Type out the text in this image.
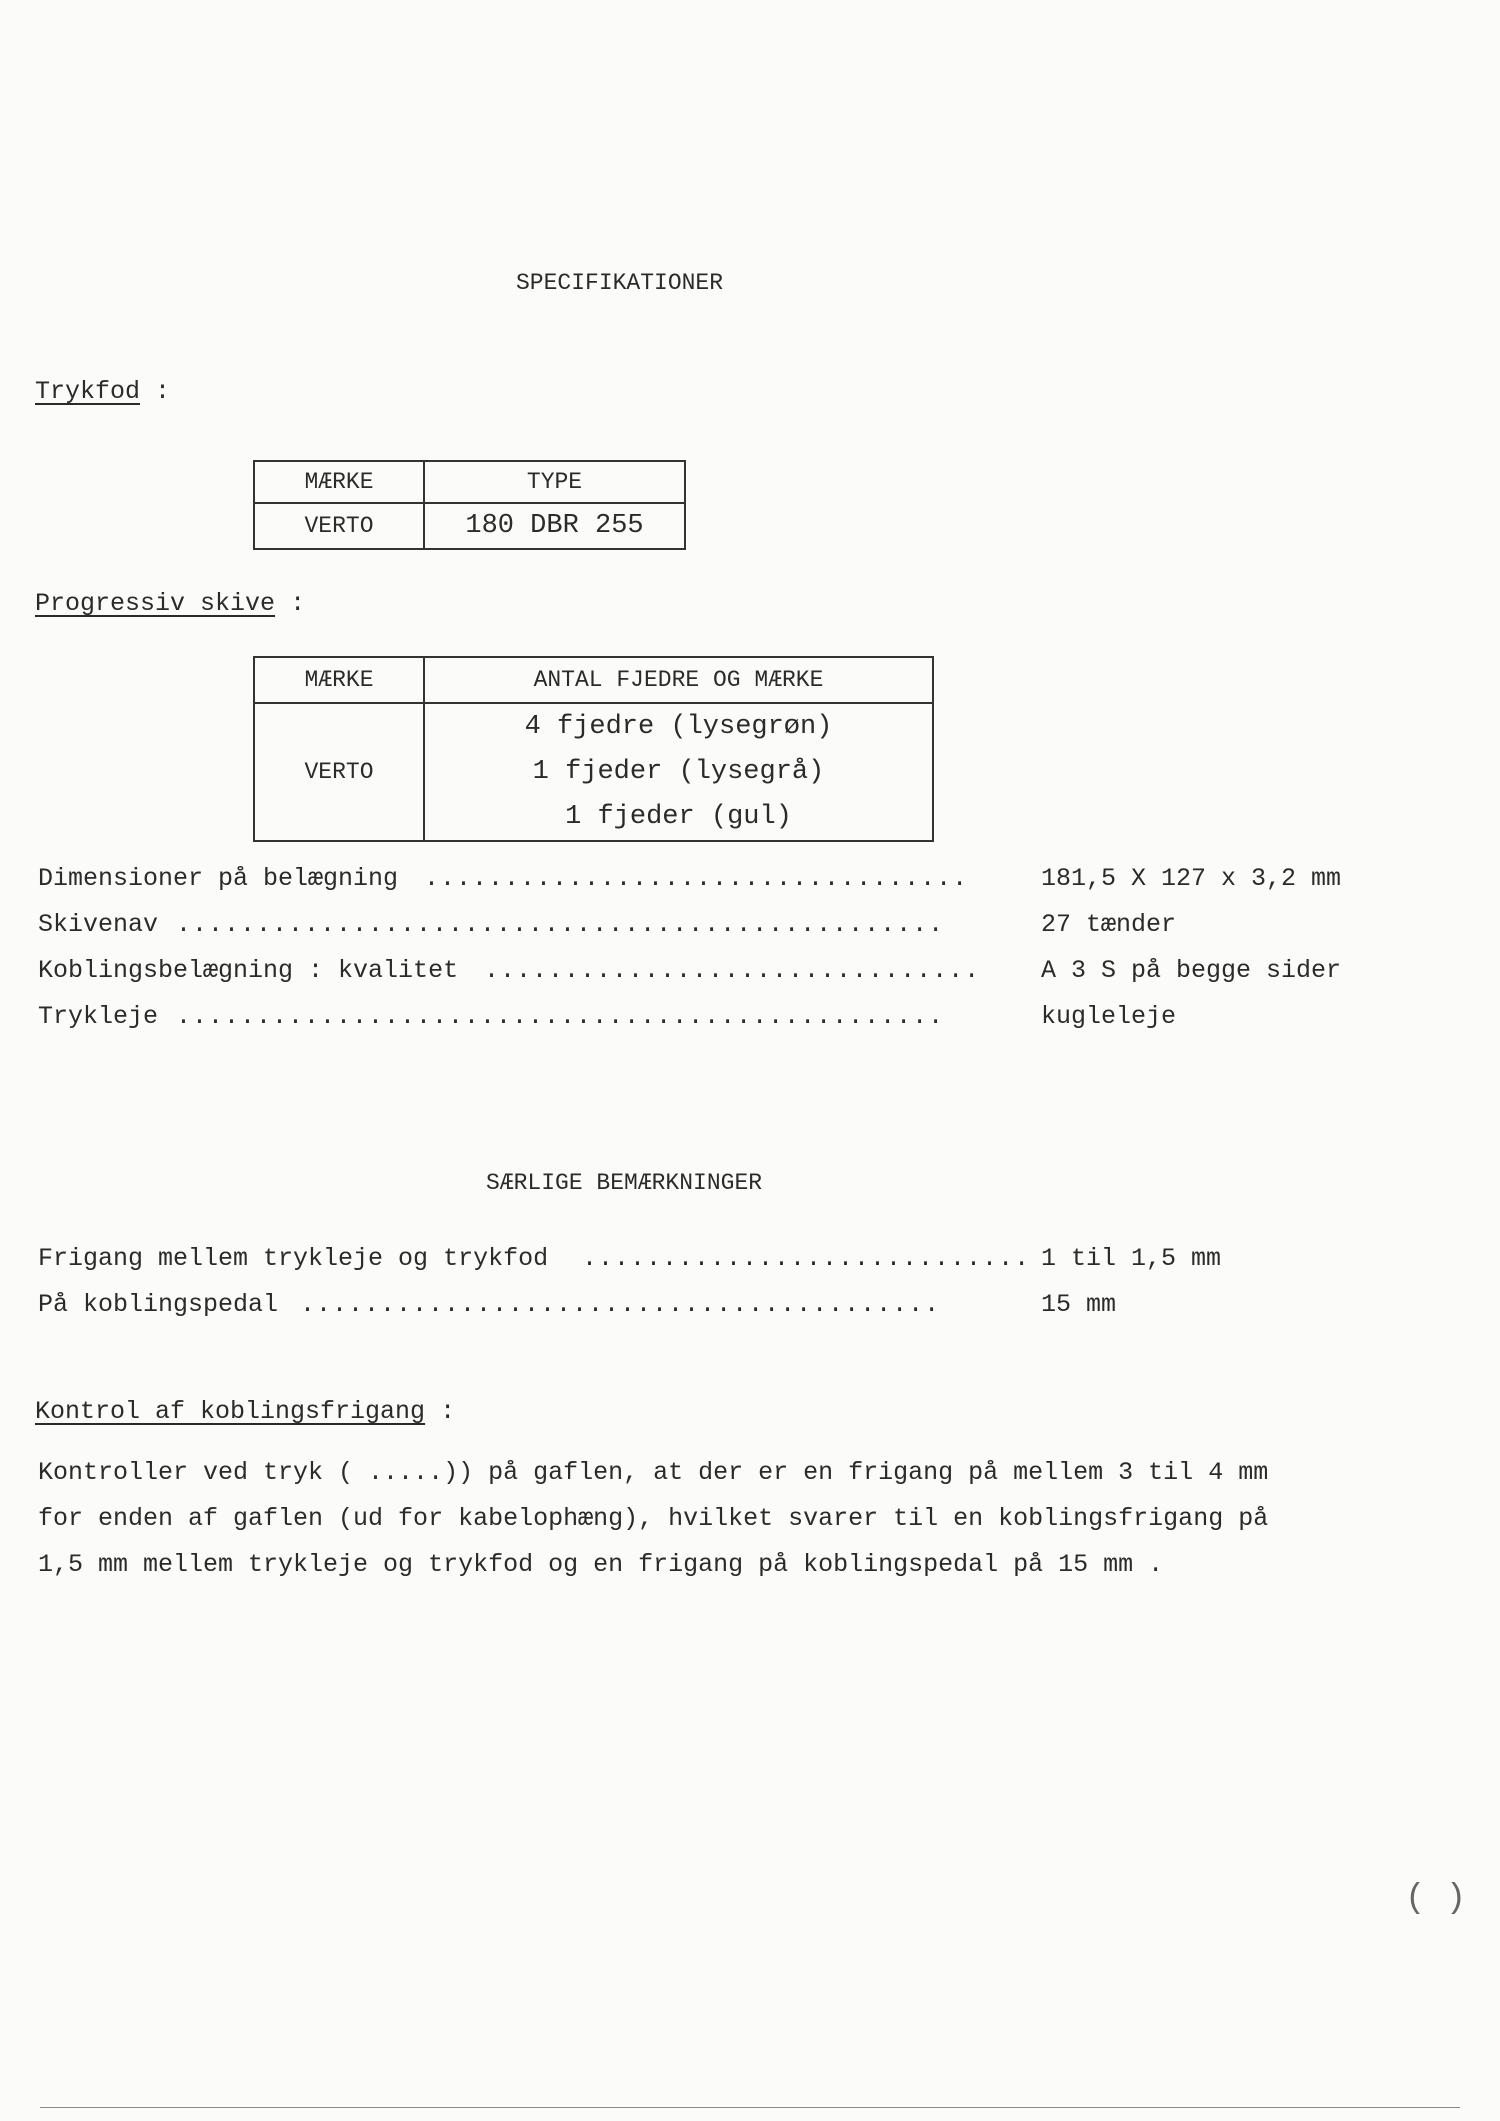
SPECIFIKATIONER
Trykfod :
MÆRKE	TYPE
VERTO	180 DBR 255
Progressiv skive :
MÆRKE	ANTAL FJEDRE OG MÆRKE
VERTO	4 fjedre (lysegrøn)
1 fjeder (lysegrå)
1 fjeder (gul)
Dimensioner på belægning ..................................	181,5 X 127 x 3,2 mm
Skivenav ................................................	27 tænder
Koblingsbelægning : kvalitet ...............................	A 3 S på begge sider
Trykleje ................................................	kugleleje
SÆRLIGE BEMÆRKNINGER
Frigang mellem trykleje og trykfod ............................ 1 til 1,5 mm
På koblingspedal ........................................	15 mm
Kontrol af koblingsfrigang :
Kontroller ved tryk ( .....)) på gaflen, at der er en frigang på mellem 3 til 4 mm
for enden af gaflen (ud for kabelophæng), hvilket svarer til en koblingsfrigang på
1,5 mm mellem trykleje og trykfod og en frigang på koblingspedal på 15 mm .
( )
